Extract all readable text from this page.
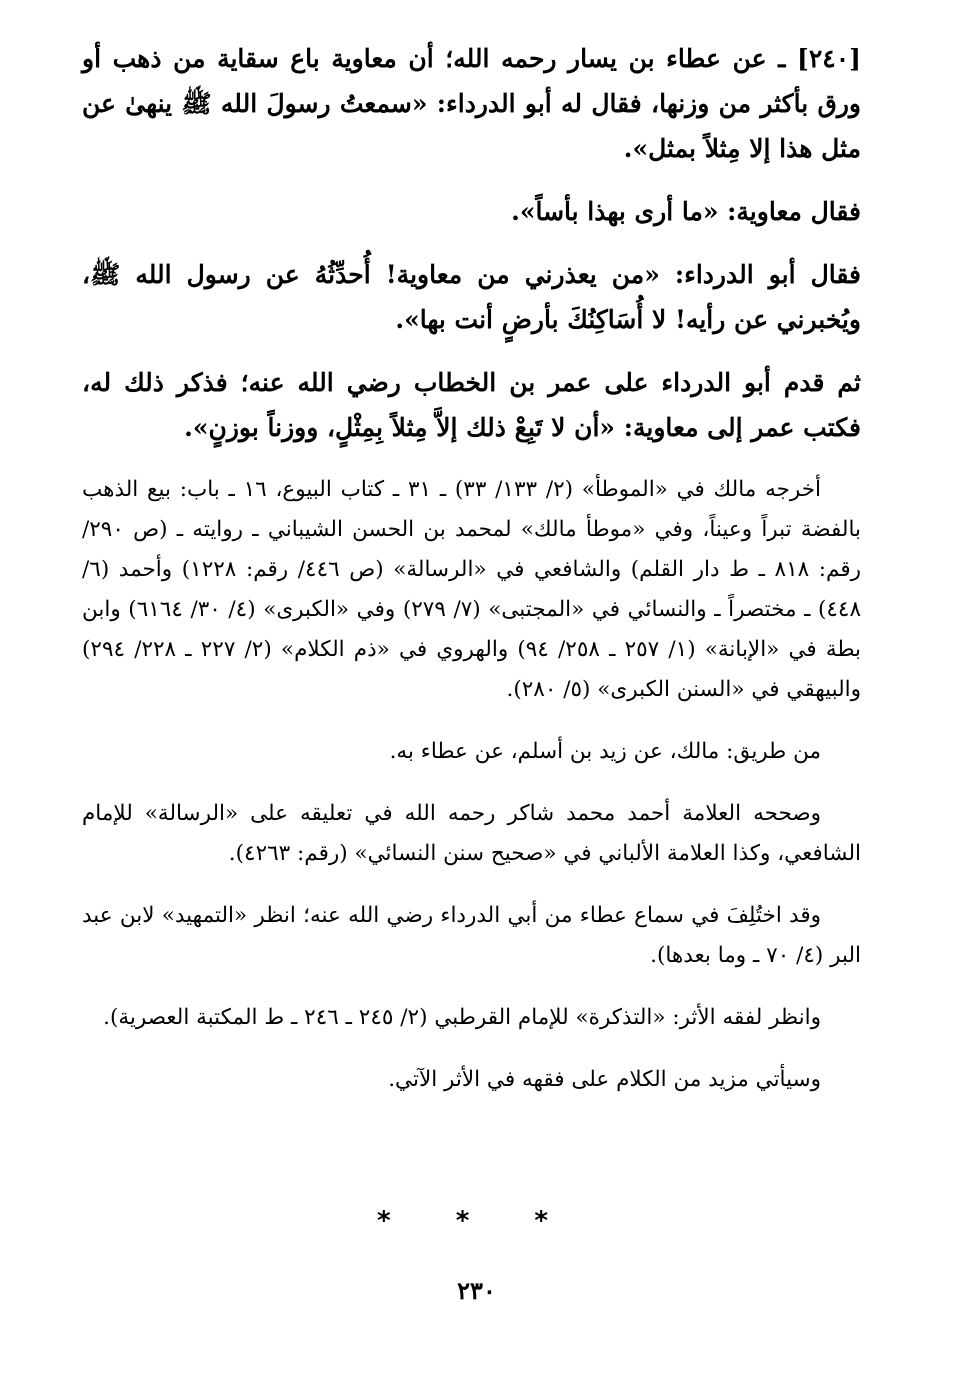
[٢٤٠] ـ عن عطاء بن يسار رحمه الله؛ أن معاوية باع سقاية من ذهب أو ورق بأكثر من وزنها، فقال له أبو الدرداء: «سمعتُ رسولَ الله ﷺ ينهىٰ عن مثل هذا إلا مِثلاً بمثل».

فقال معاوية: «ما أرى بهذا بأساً».

فقال أبو الدرداء: «من يعذرني من معاوية! أُحدِّثُهُ عن رسول الله ﷺ، ويُخبرني عن رأيه! لا أُسَاكِنُكَ بأرضٍ أنت بها».

ثم قدم أبو الدرداء على عمر بن الخطاب رضي الله عنه؛ فذكر ذلك له، فكتب عمر إلى معاوية: «أن لا تَبِعْ ذلك إلاَّ مِثلاً بِمِثْلٍ، ووزناً بوزنٍ».

أخرجه مالك في «الموطأ» (٢/ ١٣٣/ ٣٣) ـ ٣١ ـ كتاب البيوع، ١٦ ـ باب: بيع الذهب بالفضة تبراً وعيناً، وفي «موطأ مالك» لمحمد بن الحسن الشيباني ـ روايته ـ (ص ٢٩٠/ رقم: ٨١٨ ـ ط دار القلم) والشافعي في «الرسالة» (ص ٤٤٦/ رقم: ١٢٢٨) وأحمد (٦/ ٤٤٨) ـ مختصراً ـ والنسائي في «المجتبى» (٧/ ٢٧٩) وفي «الكبرى» (٤/ ٣٠/ ٦١٦٤) وابن بطة في «الإبانة» (١/ ٢٥٧ ـ ٢٥٨/ ٩٤) والهروي في «ذم الكلام» (٢/ ٢٢٧ ـ ٢٢٨/ ٢٩٤) والبيهقي في «السنن الكبرى» (٥/ ٢٨٠).

من طريق: مالك، عن زيد بن أسلم، عن عطاء به.

وصححه العلامة أحمد محمد شاكر رحمه الله في تعليقه على «الرسالة» للإمام الشافعي، وكذا العلامة الألباني في «صحيح سنن النسائي» (رقم: ٤٢٦٣).

وقد اختُلِفَ في سماع عطاء من أبي الدرداء رضي الله عنه؛ انظر «التمهيد» لابن عبد البر (٤/ ٧٠ ـ وما بعدها).

وانظر لفقه الأثر: «التذكرة» للإمام القرطبي (٢/ ٢٤٥ ـ ٢٤٦ ـ ط المكتبة العصرية).

وسيأتي مزيد من الكلام على فقهه في الأثر الآتي.

* * *
٢٣٠
